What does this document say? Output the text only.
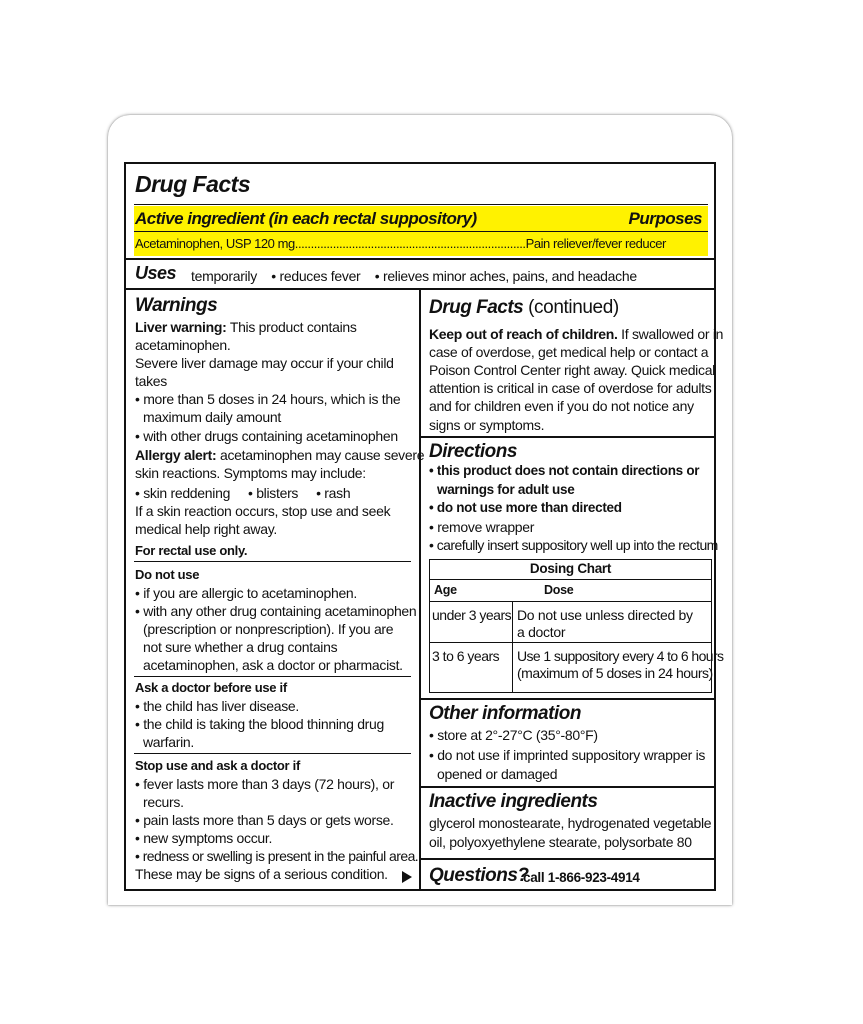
Drug Facts
Active ingredient (in each rectal suppository)	Purposes
Acetaminophen, USP 120 mg.........................................................................Pain reliever/fever reducer
Uses temporarily    • reduces fever    • relieves minor aches, pains, and headache
Warnings
Liver warning: This product contains
acetaminophen.
Severe liver damage may occur if your child
takes
• more than 5 doses in 24 hours, which is the
maximum daily amount
• with other drugs containing acetaminophen
Allergy alert: acetaminophen may cause severe
skin reactions. Symptoms may include:
• skin reddening     • blisters     • rash
If a skin reaction occurs, stop use and seek
medical help right away.
For rectal use only.
Do not use
• if you are allergic to acetaminophen.
• with any other drug containing acetaminophen
(prescription or nonprescription). If you are
not sure whether a drug contains
acetaminophen, ask a doctor or pharmacist.
Ask a doctor before use if
• the child has liver disease.
• the child is taking the blood thinning drug
warfarin.
Stop use and ask a doctor if
• fever lasts more than 3 days (72 hours), or
recurs.
• pain lasts more than 5 days or gets worse.
• new symptoms occur.
• redness or swelling is present in the painful area.
These may be signs of a serious condition.
Drug Facts (continued)
Keep out of reach of children. If swallowed or in
case of overdose, get medical help or contact a
Poison Control Center right away. Quick medical
attention is critical in case of overdose for adults
and for children even if you do not notice any
signs or symptoms.
Directions
• this product does not contain directions or
warnings for adult use
• do not use more than directed
• remove wrapper
• carefully insert suppository well up into the rectum
Dosing Chart
Age	Dose
under 3 years Do not use unless directed by
a doctor
3 to 6 years Use 1 suppository every 4 to 6 hours
(maximum of 5 doses in 24 hours)
Other information
• store at 2°-27°C (35°-80°F)
• do not use if imprinted suppository wrapper is
opened or damaged
Inactive ingredients
glycerol monostearate, hydrogenated vegetable
oil, polyoxyethylene stearate, polysorbate 80
Questions?
call 1-866-923-4914
